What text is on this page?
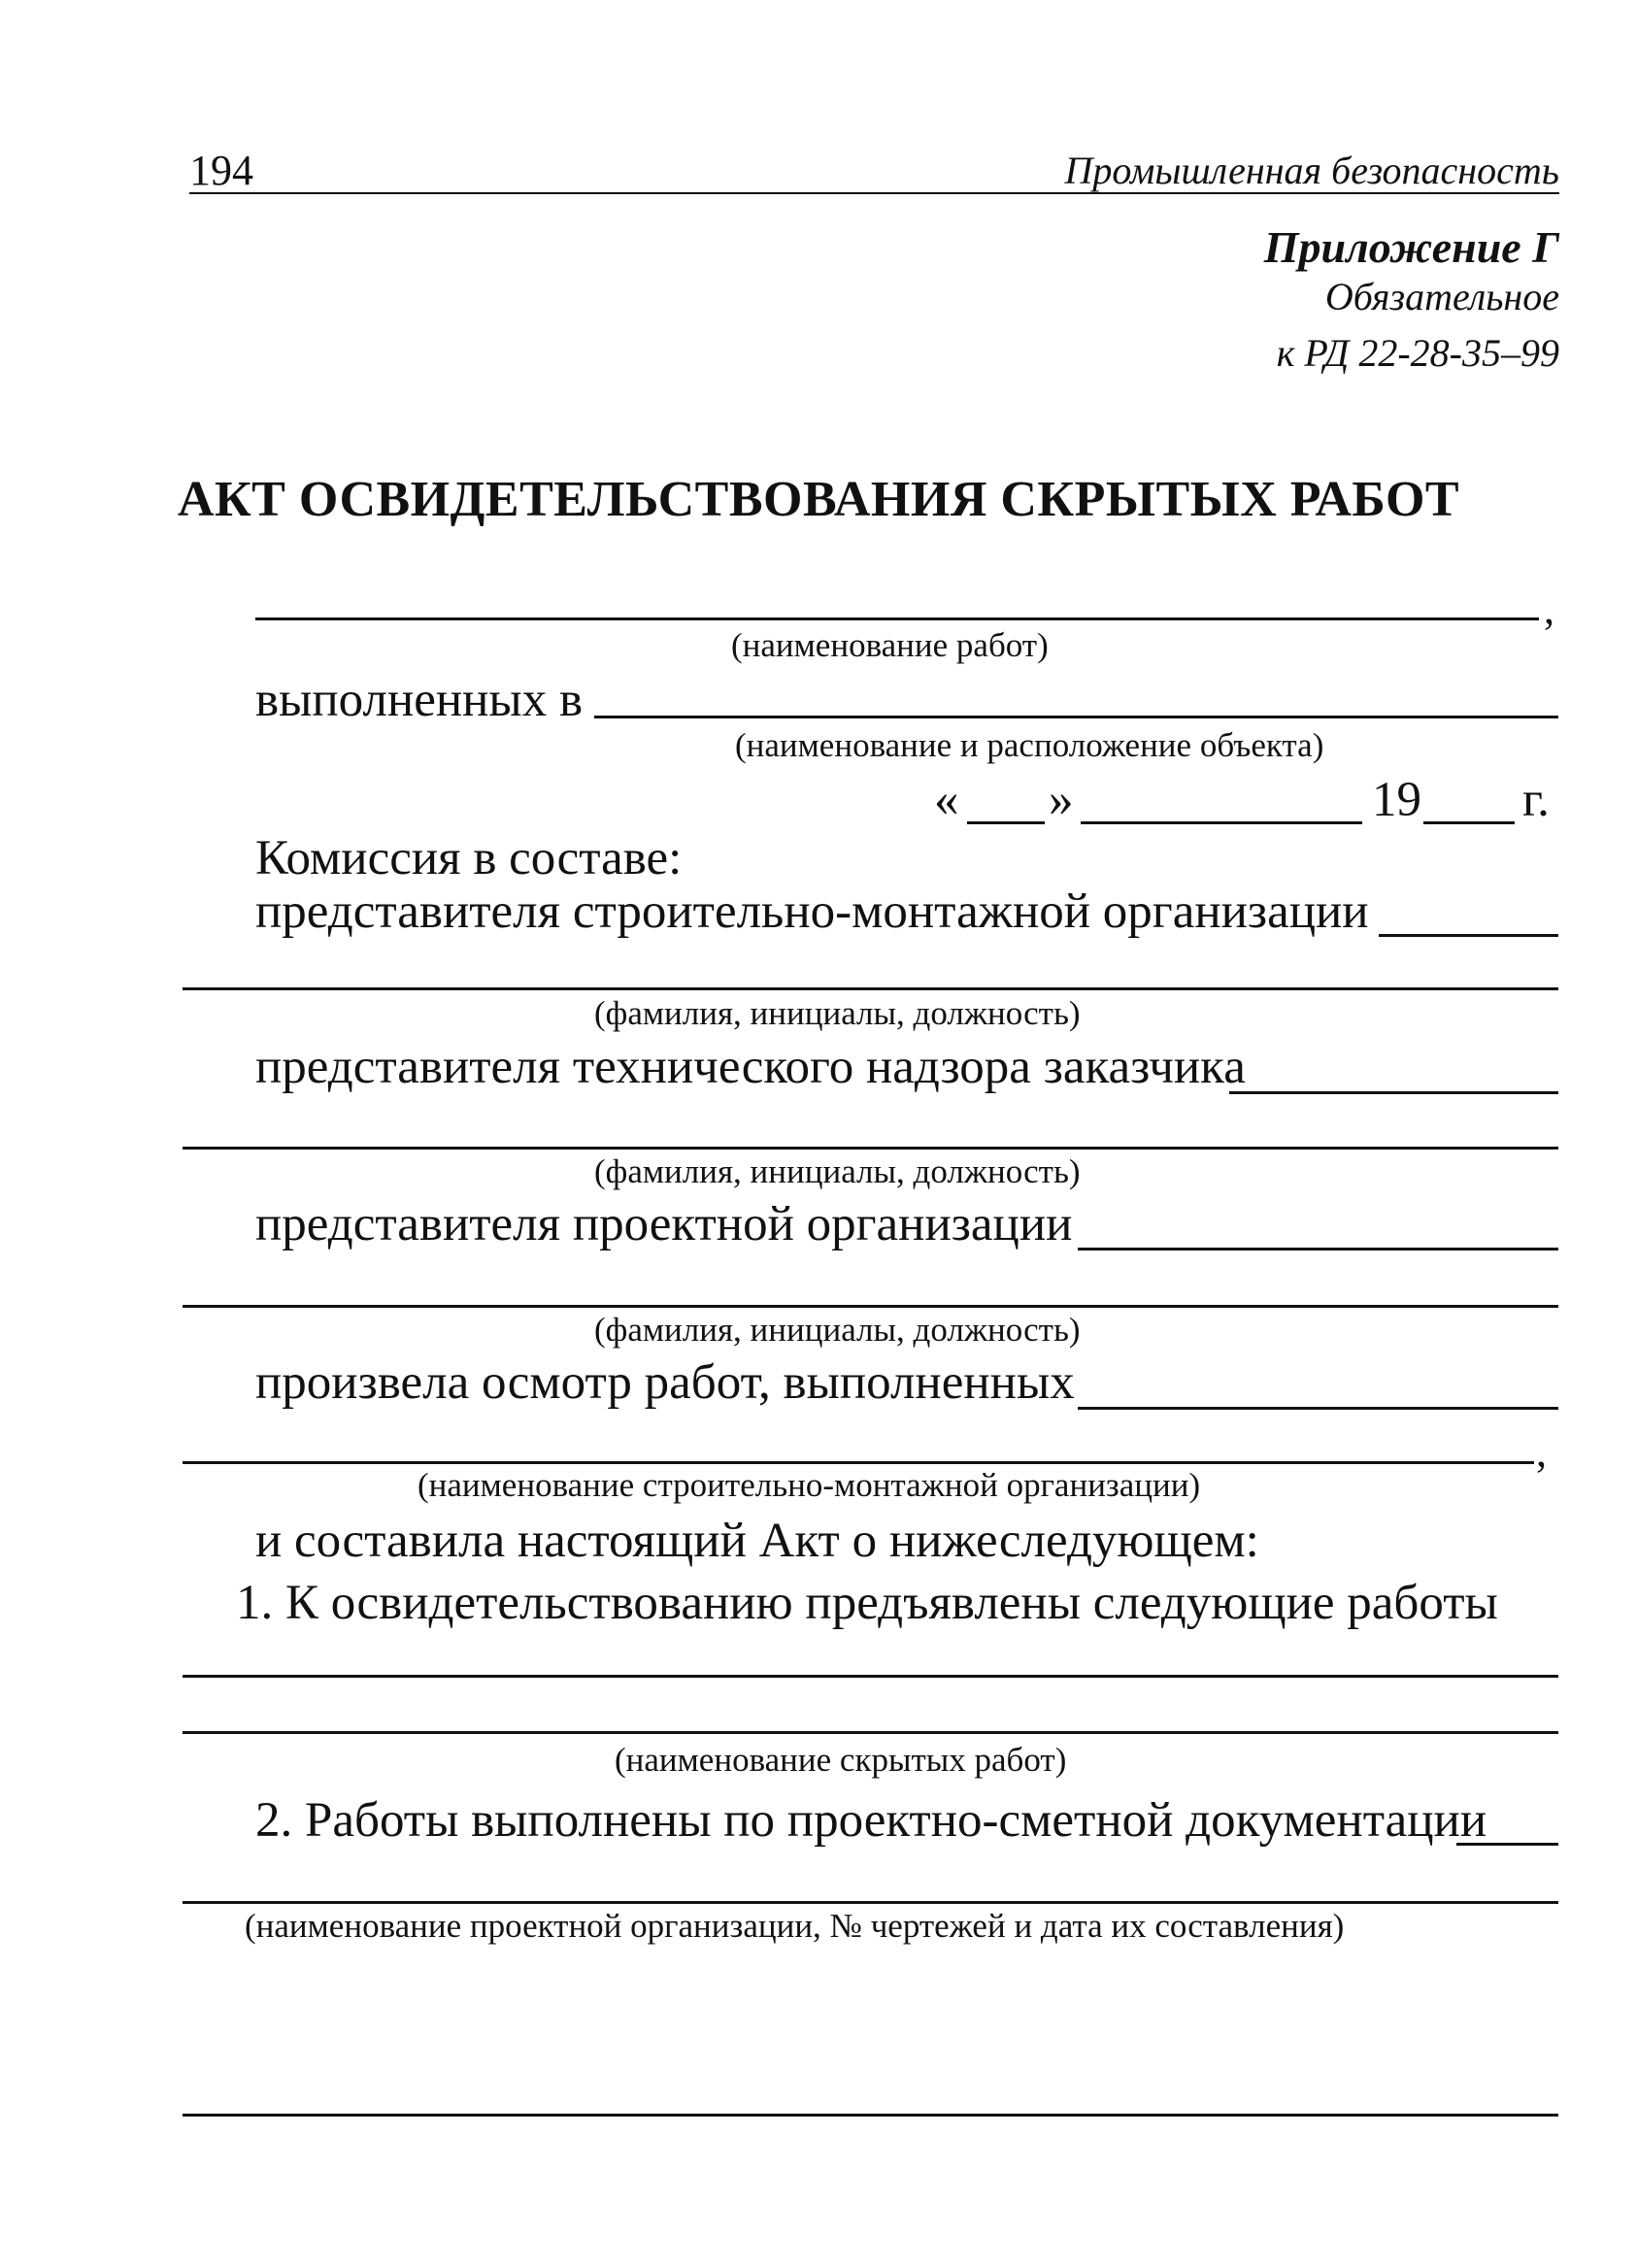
194	Промышленная безопасность
Приложение Г
Обязательное
к РД 22-28-35–99
АКТ ОСВИДЕТЕЛЬСТВОВАНИЯ СКРЫТЫХ РАБОТ
,
(наименование работ)
выполненных в
(наименование и расположение объекта)
« »	19 г.
Комиссия в составе:
представителя строительно-монтажной организации
(фамилия, инициалы, должность)
представителя технического надзора заказчика
(фамилия, инициалы, должность)
представителя проектной организации
(фамилия, инициалы, должность)
произвела осмотр работ, выполненных
,
(наименование строительно-монтажной организации)
и составила настоящий Акт о нижеследующем:
1. К освидетельствованию предъявлены следующие работы
(наименование скрытых работ)
2. Работы выполнены по проектно-сметной документации
(наименование проектной организации, № чертежей и дата их составления)
